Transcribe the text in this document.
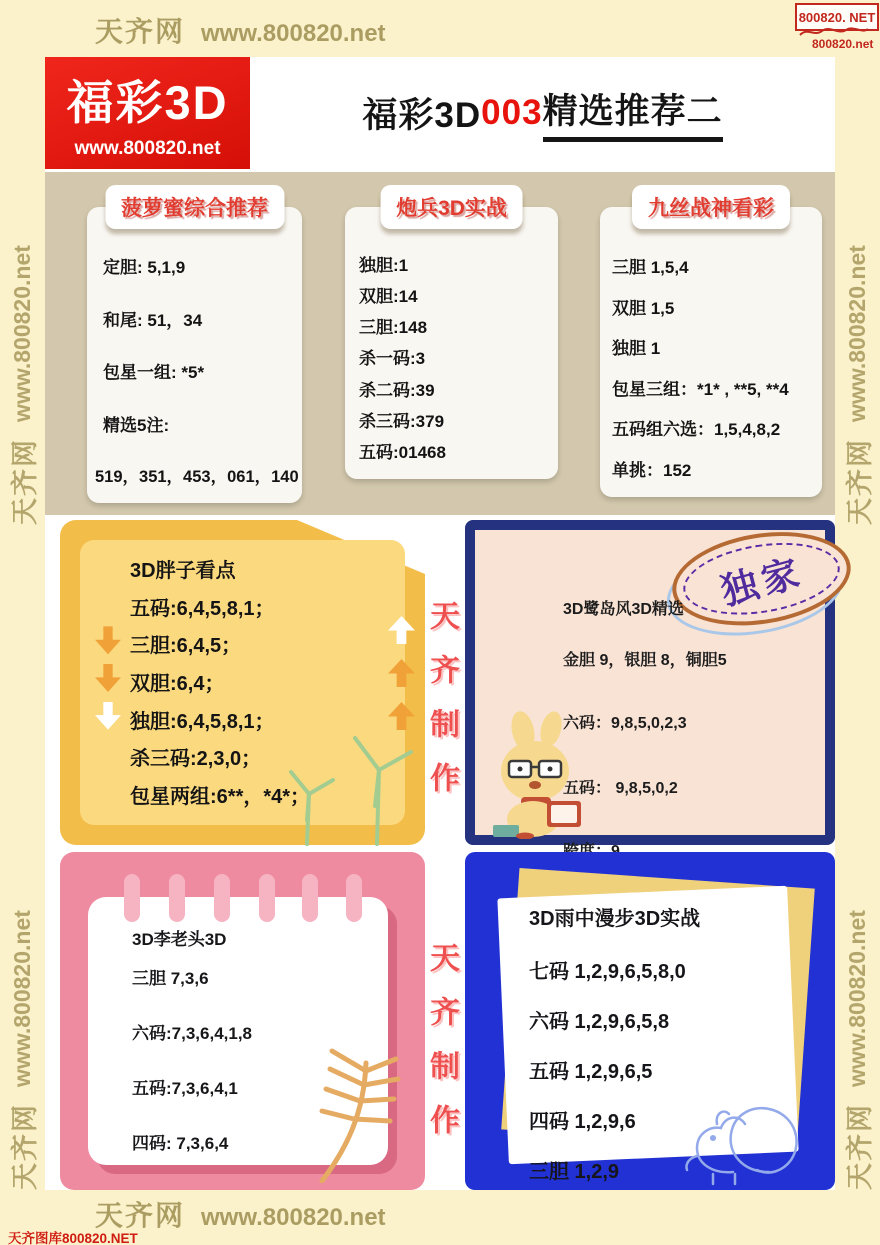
天齐网 www.800820.net
800820. NET
800820.net
天齐网
www.800820.net
天齐网
www.800820.net
天齐网
www.800820.net
天齐网
www.800820.net
福彩3D
www.800820.net
福彩3D 003 精选推荐二
菠萝蜜综合推荐
定胆: 5,1,9
和尾: 51，34
包星一组: *5*
精选5注:
519，351，453，061，140
炮兵3D实战
独胆:1
双胆:14
三胆:148
杀一码:3
杀二码:39
杀三码:379
五码:01468
九丝战神看彩
三胆 1,5,4
双胆 1,5
独胆 1
包星三组：*1* , **5, **4
五码组六选：1,5,4,8,2
单挑：152
3D胖子看点
五码:6,4,5,8,1；
三胆:6,4,5；
双胆:6,4；
独胆:6,4,5,8,1；
杀三码:2,3,0；
包星两组:6**，*4*；	天齐制作
独家
3D鹭岛风3D精选
金胆 9，银胆 8，铜胆5
六码：9,8,5,0,2,3
五码： 9,8,5,0,2
3D李老头3D
三胆 7,3,6
六码:7,3,6,4,1,8
五码:7,3,6,4,1
四码: 7,3,6,4	天齐制作
3D雨中漫步3D实战
七码 1,2,9,6,5,8,0
六码 1,2,9,6,5,8
五码 1,2,9,6,5
四码 1,2,9,6
三胆 1,2,9
天齐网 www.800820.net
天齐图库800820.NET
